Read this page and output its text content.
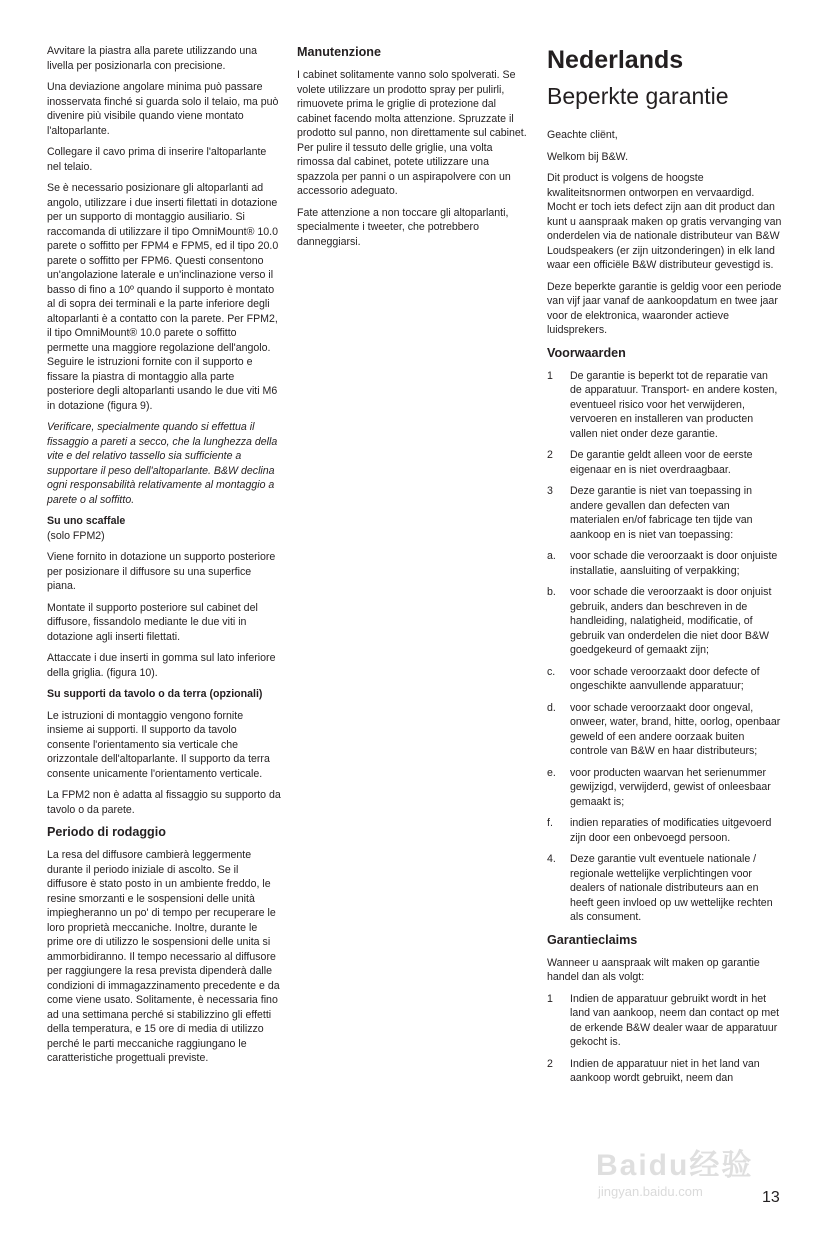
Avvitare la piastra alla parete utilizzando una livella per posizionarla con precisione.

Una deviazione angolare minima può passare inosservata finché si guarda solo il telaio, ma può divenire più visibile quando viene montato l'altoparlante.

Collegare il cavo prima di inserire l'altoparlante nel telaio.

Se è necessario posizionare gli altoparlanti ad angolo, utilizzare i due inserti filettati in dotazione per un supporto di montaggio ausiliario. Si raccomanda di utilizzare il tipo OmniMount® 10.0 parete o soffitto per FPM4 e FPM5, ed il tipo 20.0 parete o soffitto per FPM6. Questi consentono un'angolazione laterale e un'inclinazione verso il basso di fino a 10º quando il supporto è montato al di sopra dei terminali e la parte inferiore degli altoparlanti è a contatto con la parete. Per FPM2, il tipo OmniMount® 10.0 parete o soffitto permette una maggiore regolazione dell'angolo. Seguire le istruzioni fornite con il supporto e fissare la piastra di montaggio alla parte posteriore degli altoparlanti usando le due viti M6 in dotazione (figura 9).

Verificare, specialmente quando si effettua il fissaggio a pareti a secco, che la lunghezza della vite e del relativo tassello sia sufficiente a supportare il peso dell'altoparlante. B&W declina ogni responsabilità relativamente al montaggio a parete o al soffitto.

Su uno scaffale
(solo FPM2)

Viene fornito in dotazione un supporto posteriore per posizionare il diffusore su una superfice piana.

Montate il supporto posteriore sul cabinet del diffusore, fissandolo mediante le due viti in dotazione agli inserti filettati.

Attaccate i due inserti in gomma sul lato inferiore della griglia. (figura 10).

Su supporti da tavolo o da terra (opzionali)

Le istruzioni di montaggio vengono fornite insieme ai supporti. Il supporto da tavolo consente l'orientamento sia verticale che orizzontale dell'altoparlante. Il supporto da terra consente unicamente l'orientamento verticale.

La FPM2 non è adatta al fissaggio su supporto da tavolo o da parete.

Periodo di rodaggio

La resa del diffusore cambierà leggermente durante il periodo iniziale di ascolto. Se il diffusore è stato posto in un ambiente freddo, le resine smorzanti e le sospensioni delle unità impiegheranno un po' di tempo per recuperare le loro proprietà meccaniche. Inoltre, durante le prime ore di utilizzo le sospensioni delle unita si ammorbidiranno. Il tempo necessario al diffusore per raggiungere la resa prevista dipenderà dalle condizioni di immagazzinamento precedente e da come viene usato. Solitamente, è necessaria fino ad una settimana perché si stabilizzino gli effetti della temperatura, e 15 ore di media di utilizzo perché le parti meccaniche raggiungano le caratteristiche progettuali previste.

Manutenzione

I cabinet solitamente vanno solo spolverati. Se volete utilizzare un prodotto spray per pulirli, rimuovete prima le griglie di protezione dal cabinet facendo molta attenzione. Spruzzate il prodotto sul panno, non direttamente sul cabinet. Per pulire il tessuto delle griglie, una volta rimossa dal cabinet, potete utilizzare una spazzola per panni o un aspirapolvere con un accessorio adeguato.

Fate attenzione a non toccare gli altoparlanti, specialmente i tweeter, che potrebbero danneggiarsi.

Nederlands
Beperkte garantie

Geachte cliënt,

Welkom bij B&W.

Dit product is volgens de hoogste kwaliteitsnormen ontworpen en vervaardigd. Mocht er toch iets defect zijn aan dit product dan kunt u aanspraak maken op gratis vervanging van onderdelen via de nationale distributeur van B&W Loudspeakers (er zijn uitzonderingen) in elk land waar een officiële B&W distributeur gevestigd is.

Deze beperkte garantie is geldig voor een periode van vijf jaar vanaf de aankoopdatum en twee jaar voor de elektronica, waaronder actieve luidsprekers.

Voorwaarden
1	De garantie is beperkt tot de reparatie van de apparatuur. Transport- en andere kosten, eventueel risico voor het verwijderen, vervoeren en installeren van producten vallen niet onder deze garantie.
2	De garantie geldt alleen voor de eerste eigenaar en is niet overdraagbaar.
3	Deze garantie is niet van toepassing in andere gevallen dan defecten van materialen en/of fabricage ten tijde van aankoop en is niet van toepassing:
a.	voor schade die veroorzaakt is door onjuiste installatie, aansluiting of verpakking;
b.	voor schade die veroorzaakt is door onjuist gebruik, anders dan beschreven in de handleiding, nalatigheid, modificatie, of gebruik van onderdelen die niet door B&W goedgekeurd of gemaakt zijn;
c.	voor schade veroorzaakt door defecte of ongeschikte aanvullende apparatuur;
d.	voor schade veroorzaakt door ongeval, onweer, water, brand, hitte, oorlog, openbaar geweld of een andere oorzaak buiten controle van B&W en haar distributeurs;
e.	voor producten waarvan het serienummer gewijzigd, verwijderd, gewist of onleesbaar gemaakt is;
f.	indien reparaties of modificaties uitgevoerd zijn door een onbevoegd persoon.
4.	Deze garantie vult eventuele nationale / regionale wettelijke verplichtingen voor dealers of nationale distributeurs aan en heeft geen invloed op uw wettelijke rechten als consument.
Garantieclaims

Wanneer u aanspraak wilt maken op garantie handel dan als volgt:

1	Indien de apparatuur gebruikt wordt in het land van aankoop, neem dan contact op met de erkende B&W dealer waar de apparatuur gekocht is.
2	Indien de apparatuur niet in het land van aankoop wordt gebruikt, neem dan
Baidu经验
jingyan.baidu.com	13
